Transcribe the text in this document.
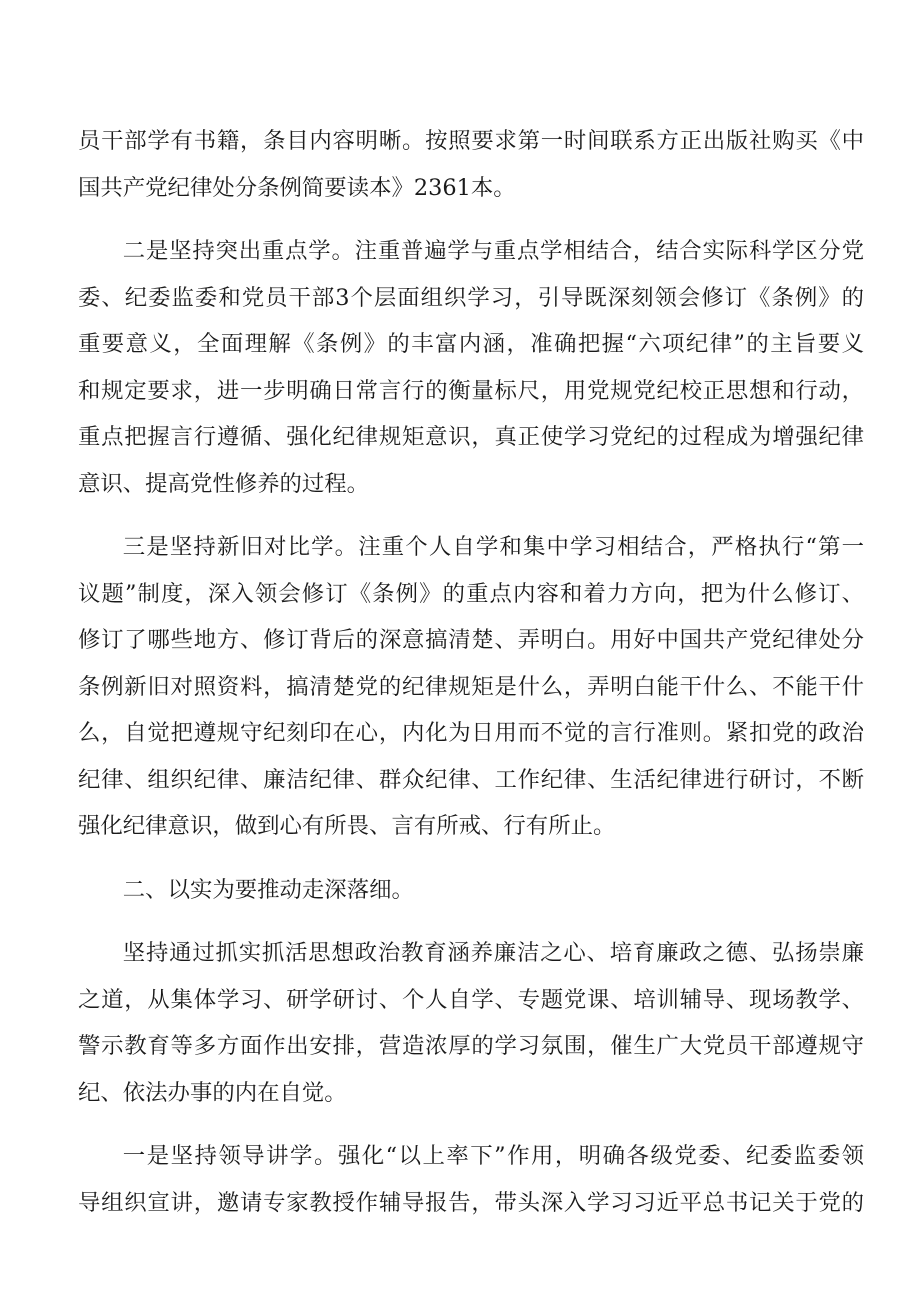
员干部学有书籍，条目内容明晰。按照要求第一时间联系方正出版社购买《中
国共产党纪律处分条例简要读本》2361本。
二是坚持突出重点学。注重普遍学与重点学相结合，结合实际科学区分党
委、纪委监委和党员干部3个层面组织学习，引导既深刻领会修订《条例》的
重要意义，全面理解《条例》的丰富内涵，准确把握“六项纪律”的主旨要义
和规定要求，进一步明确日常言行的衡量标尺，用党规党纪校正思想和行动，
重点把握言行遵循、强化纪律规矩意识，真正使学习党纪的过程成为增强纪律
意识、提高党性修养的过程。
三是坚持新旧对比学。注重个人自学和集中学习相结合，严格执行“第一
议题”制度，深入领会修订《条例》的重点内容和着力方向，把为什么修订、
修订了哪些地方、修订背后的深意搞清楚、弄明白。用好中国共产党纪律处分
条例新旧对照资料，搞清楚党的纪律规矩是什么，弄明白能干什么、不能干什
么，自觉把遵规守纪刻印在心，内化为日用而不觉的言行准则。紧扣党的政治
纪律、组织纪律、廉洁纪律、群众纪律、工作纪律、生活纪律进行研讨，不断
强化纪律意识，做到心有所畏、言有所戒、行有所止。
二、以实为要推动走深落细。
坚持通过抓实抓活思想政治教育涵养廉洁之心、培育廉政之德、弘扬崇廉
之道，从集体学习、研学研讨、个人自学、专题党课、培训辅导、现场教学、
警示教育等多方面作出安排，营造浓厚的学习氛围，催生广大党员干部遵规守
纪、依法办事的内在自觉。
一是坚持领导讲学。强化“以上率下”作用，明确各级党委、纪委监委领
导组织宣讲，邀请专家教授作辅导报告，带头深入学习习近平总书记关于党的
